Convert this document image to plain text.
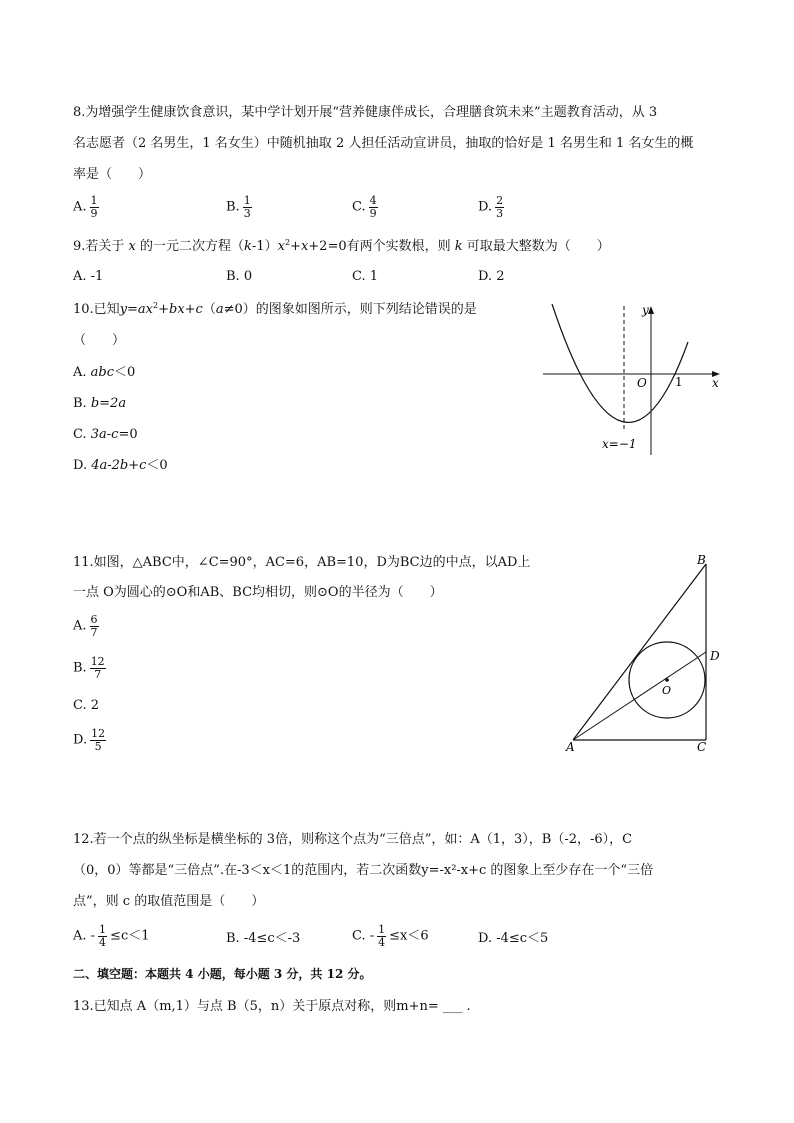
8.为增强学生健康饮食意识，某中学计划开展“营养健康伴成长，合理膳食筑未来”主题教育活动，从 3
名志愿者（2 名男生，1 名女生）中随机抽取 2 人担任活动宣讲员，抽取的恰好是 1 名男生和 1 名女生的概
率是（　　）
A. $\frac{1}{9}$	B. $\frac{1}{3}$	C. $\frac{4}{9}$	D. $\frac{2}{3}$
9.若关于 x 的一元二次方程$(k-1)x^2+x+2=0$有两个实数根，则 k 可取最大整数为（　　）
A. -1	B. 0	C. 1	D. 2
10.已知$y=ax^2+bx+c(a\ne 0)$的图象如图所示，则下列结论错误的是
（　　）
A. abc＜0
B. b=2a
C. 3a-c=0
D. 4a-2b+c＜0
y
x
O 1
x=−1
11.如图，△ABC中，∠C=90°，AC=6，AB=10，D为BC边的中点，以AD上
一点 O为圆心的⊙O和AB、BC均相切，则⊙O的半径为（　　）
A. $\frac{6}{7}$
B. $\frac{12}{7}$
C. 2
D. $\frac{12}{5}$
B
D
O
A	C
12.若一个点的纵坐标是横坐标的 3倍，则称这个点为“三倍点”，如：A（1，3），B（-2，-6），C
（0，0）等都是“三倍点”.在-3＜x＜1的范围内，若二次函数y=-x²-x+c 的图象上至少存在一个“三倍
点”，则 c 的取值范围是（　　）
A. - $\frac{1}{4} \le c<1$	B. -4≤c＜-3	C. - $\frac{1}{4} \le x<6$	D. -4≤c＜5
二、填空题：本题共 4 小题，每小题 3 分，共 12 分。
13.已知点 A（m,1）与点 B（5，n）关于原点对称，则m+n= ___ .
